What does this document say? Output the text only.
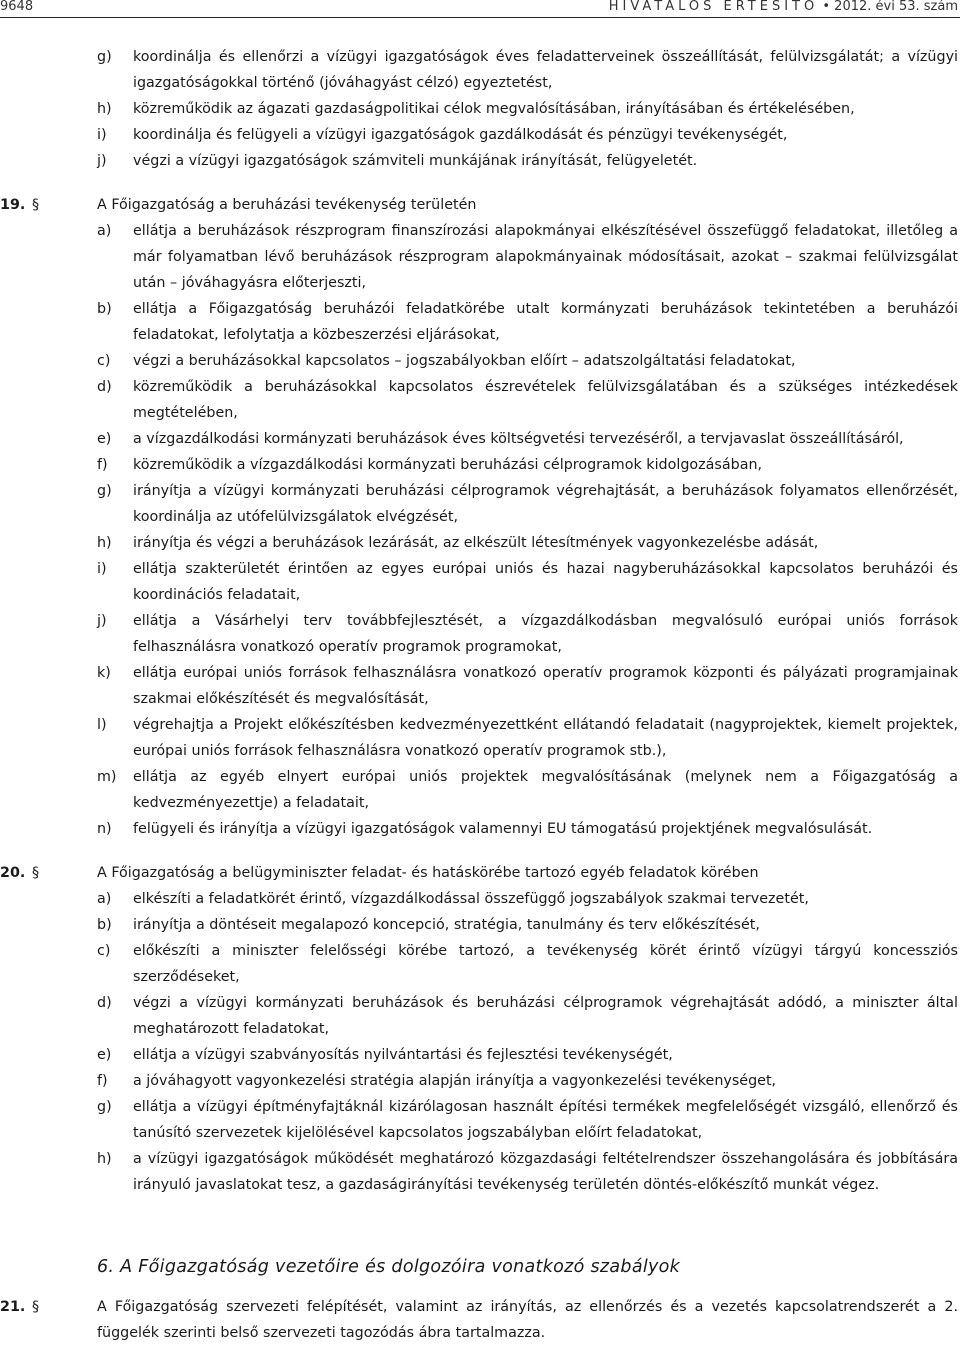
9648	HIVATALOS ÉRTESÍTŐ • 2012. évi 53. szám
g) koordinálja és ellenőrzi a vízügyi igazgatóságok éves feladatterveinek összeállítását, felülvizsgálatát; a vízügyi igazgatóságokkal történő (jóváhagyást célzó) egyeztetést,
h) közreműködik az ágazati gazdaságpolitikai célok megvalósításában, irányításában és értékelésében,
i) koordinálja és felügyeli a vízügyi igazgatóságok gazdálkodását és pénzügyi tevékenységét,
j) végzi a vízügyi igazgatóságok számviteli munkájának irányítását, felügyeletét.
19. §	A Főigazgatóság a beruházási tevékenység területén
a) ellátja a beruházások részprogram finanszírozási alapokmányai elkészítésével összefüggő feladatokat, illetőleg a már folyamatban lévő beruházások részprogram alapokmányainak módosításait, azokat – szakmai felülvizsgálat után – jóváhagyásra előterjeszti,
b) ellátja a Főigazgatóság beruházói feladatkörébe utalt kormányzati beruházások tekintetében a beruházói feladatokat, lefolytatja a közbeszerzési eljárásokat,
c) végzi a beruházásokkal kapcsolatos – jogszabályokban előírt – adatszolgáltatási feladatokat,
d) közreműködik a beruházásokkal kapcsolatos észrevételek felülvizsgálatában és a szükséges intézkedések megtételében,
e) a vízgazdálkodási kormányzati beruházások éves költségvetési tervezéséről, a tervjavaslat összeállításáról,
f) közreműködik a vízgazdálkodási kormányzati beruházási célprogramok kidolgozásában,
g) irányítja a vízügyi kormányzati beruházási célprogramok végrehajtását, a beruházások folyamatos ellenőrzését, koordinálja az utófelülvizsgálatok elvégzését,
h) irányítja és végzi a beruházások lezárását, az elkészült létesítmények vagyonkezelésbe adását,
i) ellátja szakterületét érintően az egyes európai uniós és hazai nagyberuházásokkal kapcsolatos beruházói és koordinációs feladatait,
j) ellátja a Vásárhelyi terv továbbfejlesztését, a vízgazdálkodásban megvalósuló európai uniós források felhasználásra vonatkozó operatív programok programokat,
k) ellátja európai uniós források felhasználásra vonatkozó operatív programok központi és pályázati programjainak szakmai előkészítését és megvalósítását,
l) végrehajtja a Projekt előkészítésben kedvezményezettként ellátandó feladatait (nagyprojektek, kiemelt projektek, európai uniós források felhasználásra vonatkozó operatív programok stb.),
m) ellátja az egyéb elnyert európai uniós projektek megvalósításának (melynek nem a Főigazgatóság a kedvezményezettje) a feladatait,
n) felügyeli és irányítja a vízügyi igazgatóságok valamennyi EU támogatású projektjének megvalósulását.
20. §	A Főigazgatóság a belügyminiszter feladat- és hatáskörébe tartozó egyéb feladatok körében
a) elkészíti a feladatkörét érintő, vízgazdálkodással összefüggő jogszabályok szakmai tervezetét,
b) irányítja a döntéseit megalapozó koncepció, stratégia, tanulmány és terv előkészítését,
c) előkészíti a miniszter felelősségi körébe tartozó, a tevékenység körét érintő vízügyi tárgyú koncessziós szerződéseket,
d) végzi a vízügyi kormányzati beruházások és beruházási célprogramok végrehajtását adódó, a miniszter által meghatározott feladatokat,
e) ellátja a vízügyi szabványosítás nyilvántartási és fejlesztési tevékenységét,
f) a jóváhagyott vagyonkezelési stratégia alapján irányítja a vagyonkezelési tevékenységet,
g) ellátja a vízügyi építményfajtáknál kizárólagosan használt építési termékek megfelelőségét vizsgáló, ellenőrző és tanúsító szervezetek kijelölésével kapcsolatos jogszabályban előírt feladatokat,
h) a vízügyi igazgatóságok működését meghatározó közgazdasági feltételrendszer összehangolására és jobbítására irányuló javaslatokat tesz, a gazdaságirányítási tevékenység területén döntés-előkészítő munkát végez.
6. A Főigazgatóság vezetőire és dolgozóira vonatkozó szabályok
21. §	A Főigazgatóság szervezeti felépítését, valamint az irányítás, az ellenőrzés és a vezetés kapcsolatrendszerét a 2. függelék szerinti belső szervezeti tagozódás ábra tartalmazza.
